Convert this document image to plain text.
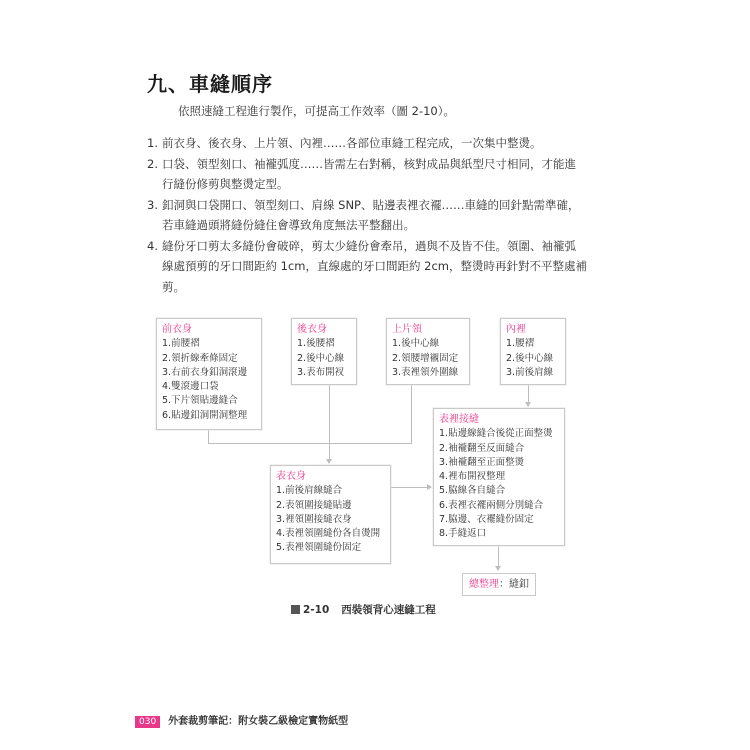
九、車縫順序
依照速縫工程進行製作，可提高工作效率（圖 2-10）。
1. 前衣身、後衣身、上片領、內裡……各部位車縫工程完成，一次集中整燙。
2. 口袋、領型刻口、袖襱弧度……皆需左右對稱，核對成品與紙型尺寸相同，才能進行縫份修剪與整燙定型。
3. 釦洞與口袋開口、領型刻口、肩線 SNP、貼邊表裡衣襬……車縫的回針點需準確，若車縫過頭將縫份縫住會導致角度無法平整翻出。
4. 縫份牙口剪太多縫份會破碎，剪太少縫份會牽吊，過與不及皆不佳。領圍、袖襱弧線處預剪的牙口間距約 1cm，直線處的牙口間距約 2cm，整燙時再針對不平整處補剪。
前衣身
1.前腰褶
2.領折線牽條固定
3.右前衣身釦洞滾邊
4.雙滾邊口袋
5.下片領貼邊縫合
6.貼邊釦洞開洞整理
後衣身
1.後腰褶
2.後中心線
3.表布開衩
上片領
1.後中心線
2.領腰增襯固定
3.表裡領外圍線
內裡
1.腰褶
2.後中心線
3.前後肩線
表裡接縫
1.貼邊線縫合後從正面整燙
2.袖襱翻至反面縫合
3.袖襱翻至正面整燙
4.裡布開衩整理
5.脇線各自縫合
6.表裡衣襬兩側分別縫合
7.脇邊、衣襬縫份固定
8.手縫返口
表衣身
1.前後肩線縫合
2.表領圍接縫貼邊
3.裡領圍接縫衣身
4.表裡領圍縫份各自燙開
5.表裡領圍縫份固定
總整理：縫釦
2-10 西裝領背心速縫工程
030 外套裁剪筆記：附女裝乙級檢定實物紙型
